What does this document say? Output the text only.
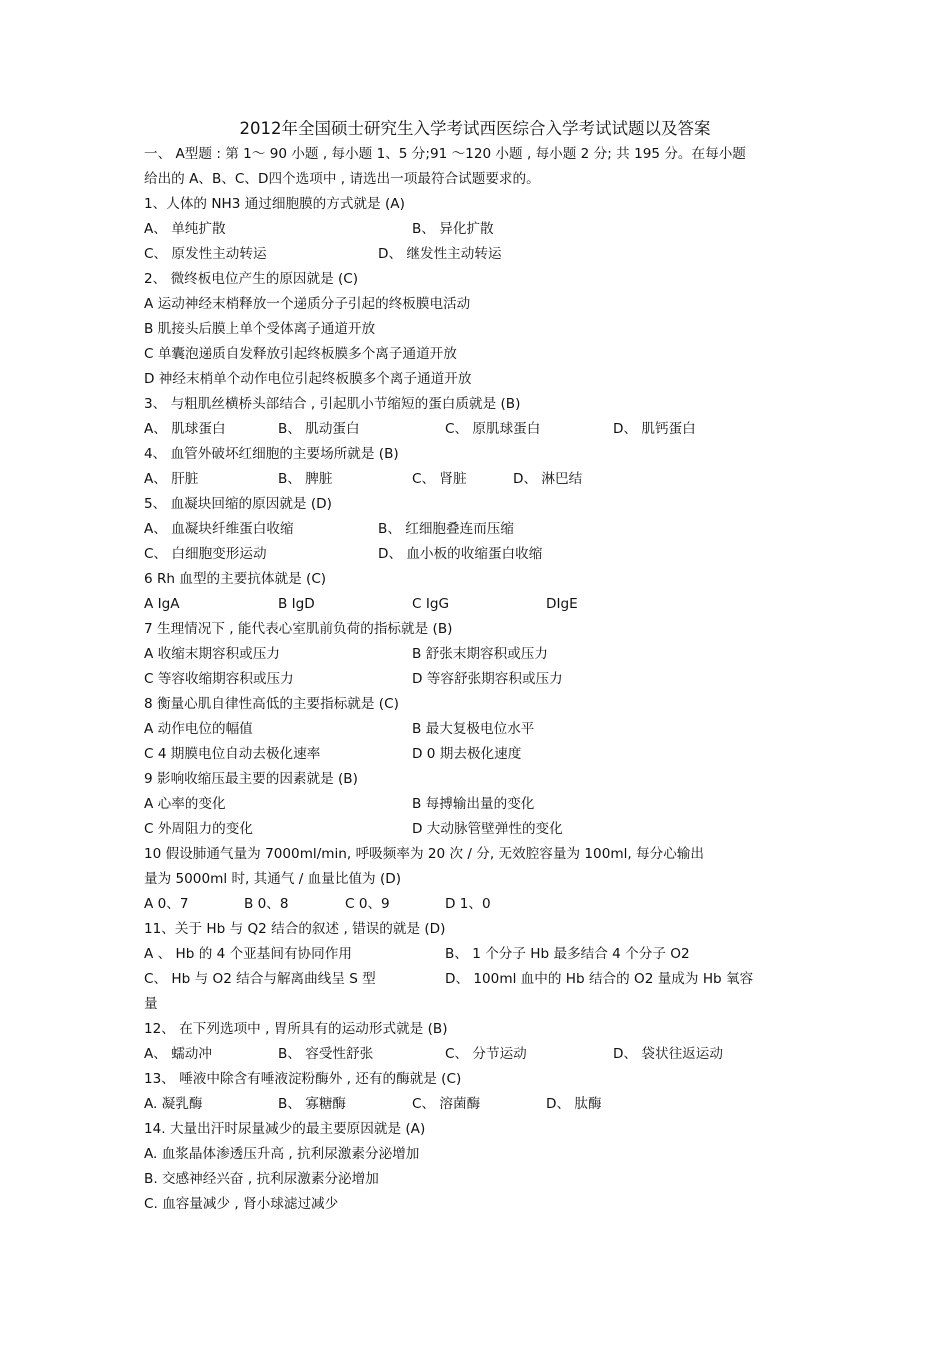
2012年全国硕士研究生入学考试西医综合入学考试试题以及答案
一、 A型题 : 第 1～ 90 小题 , 每小题 1、5 分;91 ～120 小题 , 每小题 2 分; 共 195 分。在每小题
给出的 A、B、C、D四个选项中 , 请选出一项最符合试题要求的。
1、人体的 NH3 通过细胞膜的方式就是 (A)
A、 单纯扩散	B、 异化扩散
C、 原发性主动转运	D、 继发性主动转运
2、 微终板电位产生的原因就是 (C)
A 运动神经末梢释放一个递质分子引起的终板膜电活动
B 肌接头后膜上单个受体离子通道开放
C 单囊泡递质自发释放引起终板膜多个离子通道开放
D 神经末梢单个动作电位引起终板膜多个离子通道开放
3、 与粗肌丝横桥头部结合 , 引起肌小节缩短的蛋白质就是 (B)
A、 肌球蛋白	B、 肌动蛋白	C、 原肌球蛋白	D、 肌钙蛋白
4、 血管外破坏红细胞的主要场所就是 (B)
A、 肝脏	B、 脾脏	C、 肾脏	D、 淋巴结
5、 血凝块回缩的原因就是 (D)
A、 血凝块纤维蛋白收缩	B、 红细胞叠连而压缩
C、 白细胞变形运动	D、 血小板的收缩蛋白收缩
6 Rh 血型的主要抗体就是 (C)
A IgA	B IgD	C IgG	DIgE
7 生理情况下 , 能代表心室肌前负荷的指标就是 (B)
A 收缩末期容积或压力	B 舒张末期容积或压力
C 等容收缩期容积或压力	D 等容舒张期容积或压力
8 衡量心肌自律性高低的主要指标就是 (C)
A 动作电位的幅值	B 最大复极电位水平
C 4 期膜电位自动去极化速率	D 0 期去极化速度
9 影响收缩压最主要的因素就是 (B)
A 心率的变化	B 每搏输出量的变化
C 外周阻力的变化	D 大动脉管壁弹性的变化
10 假设肺通气量为 7000ml/min, 呼吸频率为 20 次 / 分, 无效腔容量为 100ml, 每分心输出
量为 5000ml 时, 其通气 / 血量比值为 (D)
A 0、7	B 0、8	C 0、9	D 1、0
11、关于 Hb 与 Q2 结合的叙述 , 错误的就是 (D)
A 、 Hb 的 4 个亚基间有协同作用	B、 1 个分子 Hb 最多结合 4 个分子 O2
C、 Hb 与 O2 结合与解离曲线呈 S 型	D、 100ml 血中的 Hb 结合的 O2 量成为 Hb 氧容
量
12、 在下列选项中 , 胃所具有的运动形式就是 (B)
A、 蠕动冲	B、 容受性舒张	C、 分节运动	D、 袋状往返运动
13、 唾液中除含有唾液淀粉酶外 , 还有的酶就是 (C)
A. 凝乳酶	B、 寡糖酶	C、 溶菌酶	D、 肽酶
14. 大量出汗时尿量减少的最主要原因就是 (A)
A. 血浆晶体渗透压升高 , 抗利尿激素分泌增加
B. 交感神经兴奋 , 抗利尿激素分泌增加
C. 血容量减少 , 肾小球滤过减少
